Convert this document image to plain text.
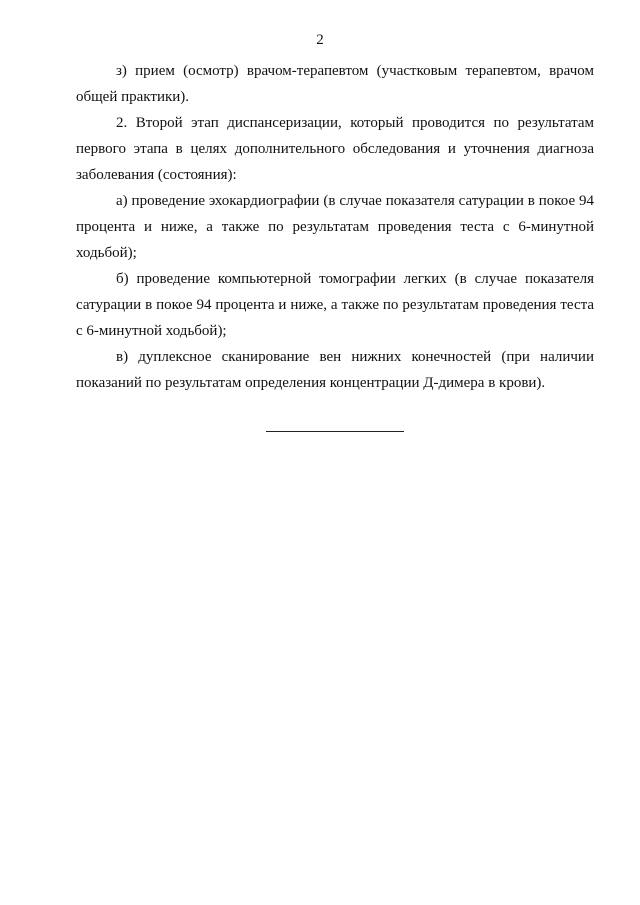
2

з) прием (осмотр) врачом-терапевтом (участковым терапевтом, врачом общей практики).

2. Второй этап диспансеризации, который проводится по результатам первого этапа в целях дополнительного обследования и уточнения диагноза заболевания (состояния):

а) проведение эхокардиографии (в случае показателя сатурации в покое 94 процента и ниже, а также по результатам проведения теста с 6-минутной ходьбой);

б) проведение компьютерной томографии легких (в случае показателя сатурации в покое 94 процента и ниже, а также по результатам проведения теста с 6-минутной ходьбой);

в) дуплексное сканирование вен нижних конечностей (при наличии показаний по результатам определения концентрации Д-димера в крови).
